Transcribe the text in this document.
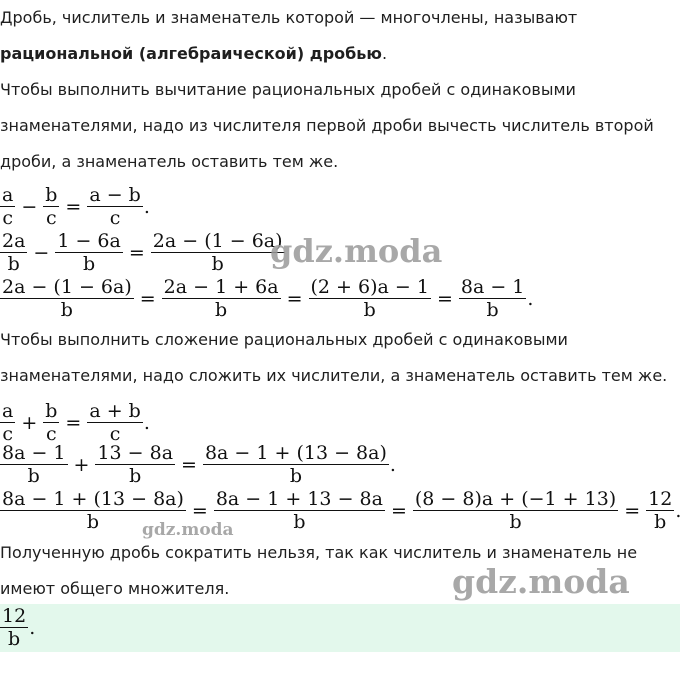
Дробь, числитель и знаменатель которой — многочлены, называют
рациональной (алгебраической) дробью.
Чтобы выполнить вычитание рациональных дробей с одинаковыми
знаменателями, надо из числителя первой дроби вычесть числитель второй
дроби, а знаменатель оставить тем же.
$\frac{a}{c} - \frac{b}{c} = \frac{a - b}{c}$ .
$\frac{2a}{b} - \frac{1 - 6a}{b} = \frac{2a - (1 - 6a)}{b}$
$\frac{2a - (1 - 6a)}{b} = \frac{2a - 1 + 6a}{b} = \frac{(2 + 6)a - 1}{b} = \frac{8a - 1}{b}$ .
Чтобы выполнить сложение рациональных дробей с одинаковыми
знаменателями, надо сложить их числители, а знаменатель оставить тем же.
$\frac{a}{c} + \frac{b}{c} = \frac{a + b}{c}$ .
$\frac{8a - 1}{b} + \frac{13 - 8a}{b} = \frac{8a - 1 + (13 - 8a)}{b}$ .
$\frac{8a - 1 + (13 - 8a)}{b} = \frac{8a - 1 + 13 - 8a}{b} = \frac{(8 - 8)a + (-1 + 13)}{b} = \frac{12}{b}$ .
Полученную дробь сократить нельзя, так как числитель и знаменатель не
имеют общего множителя.
$\frac{12}{b}$ .
gdz.moda
gdz.moda
gdz.moda
